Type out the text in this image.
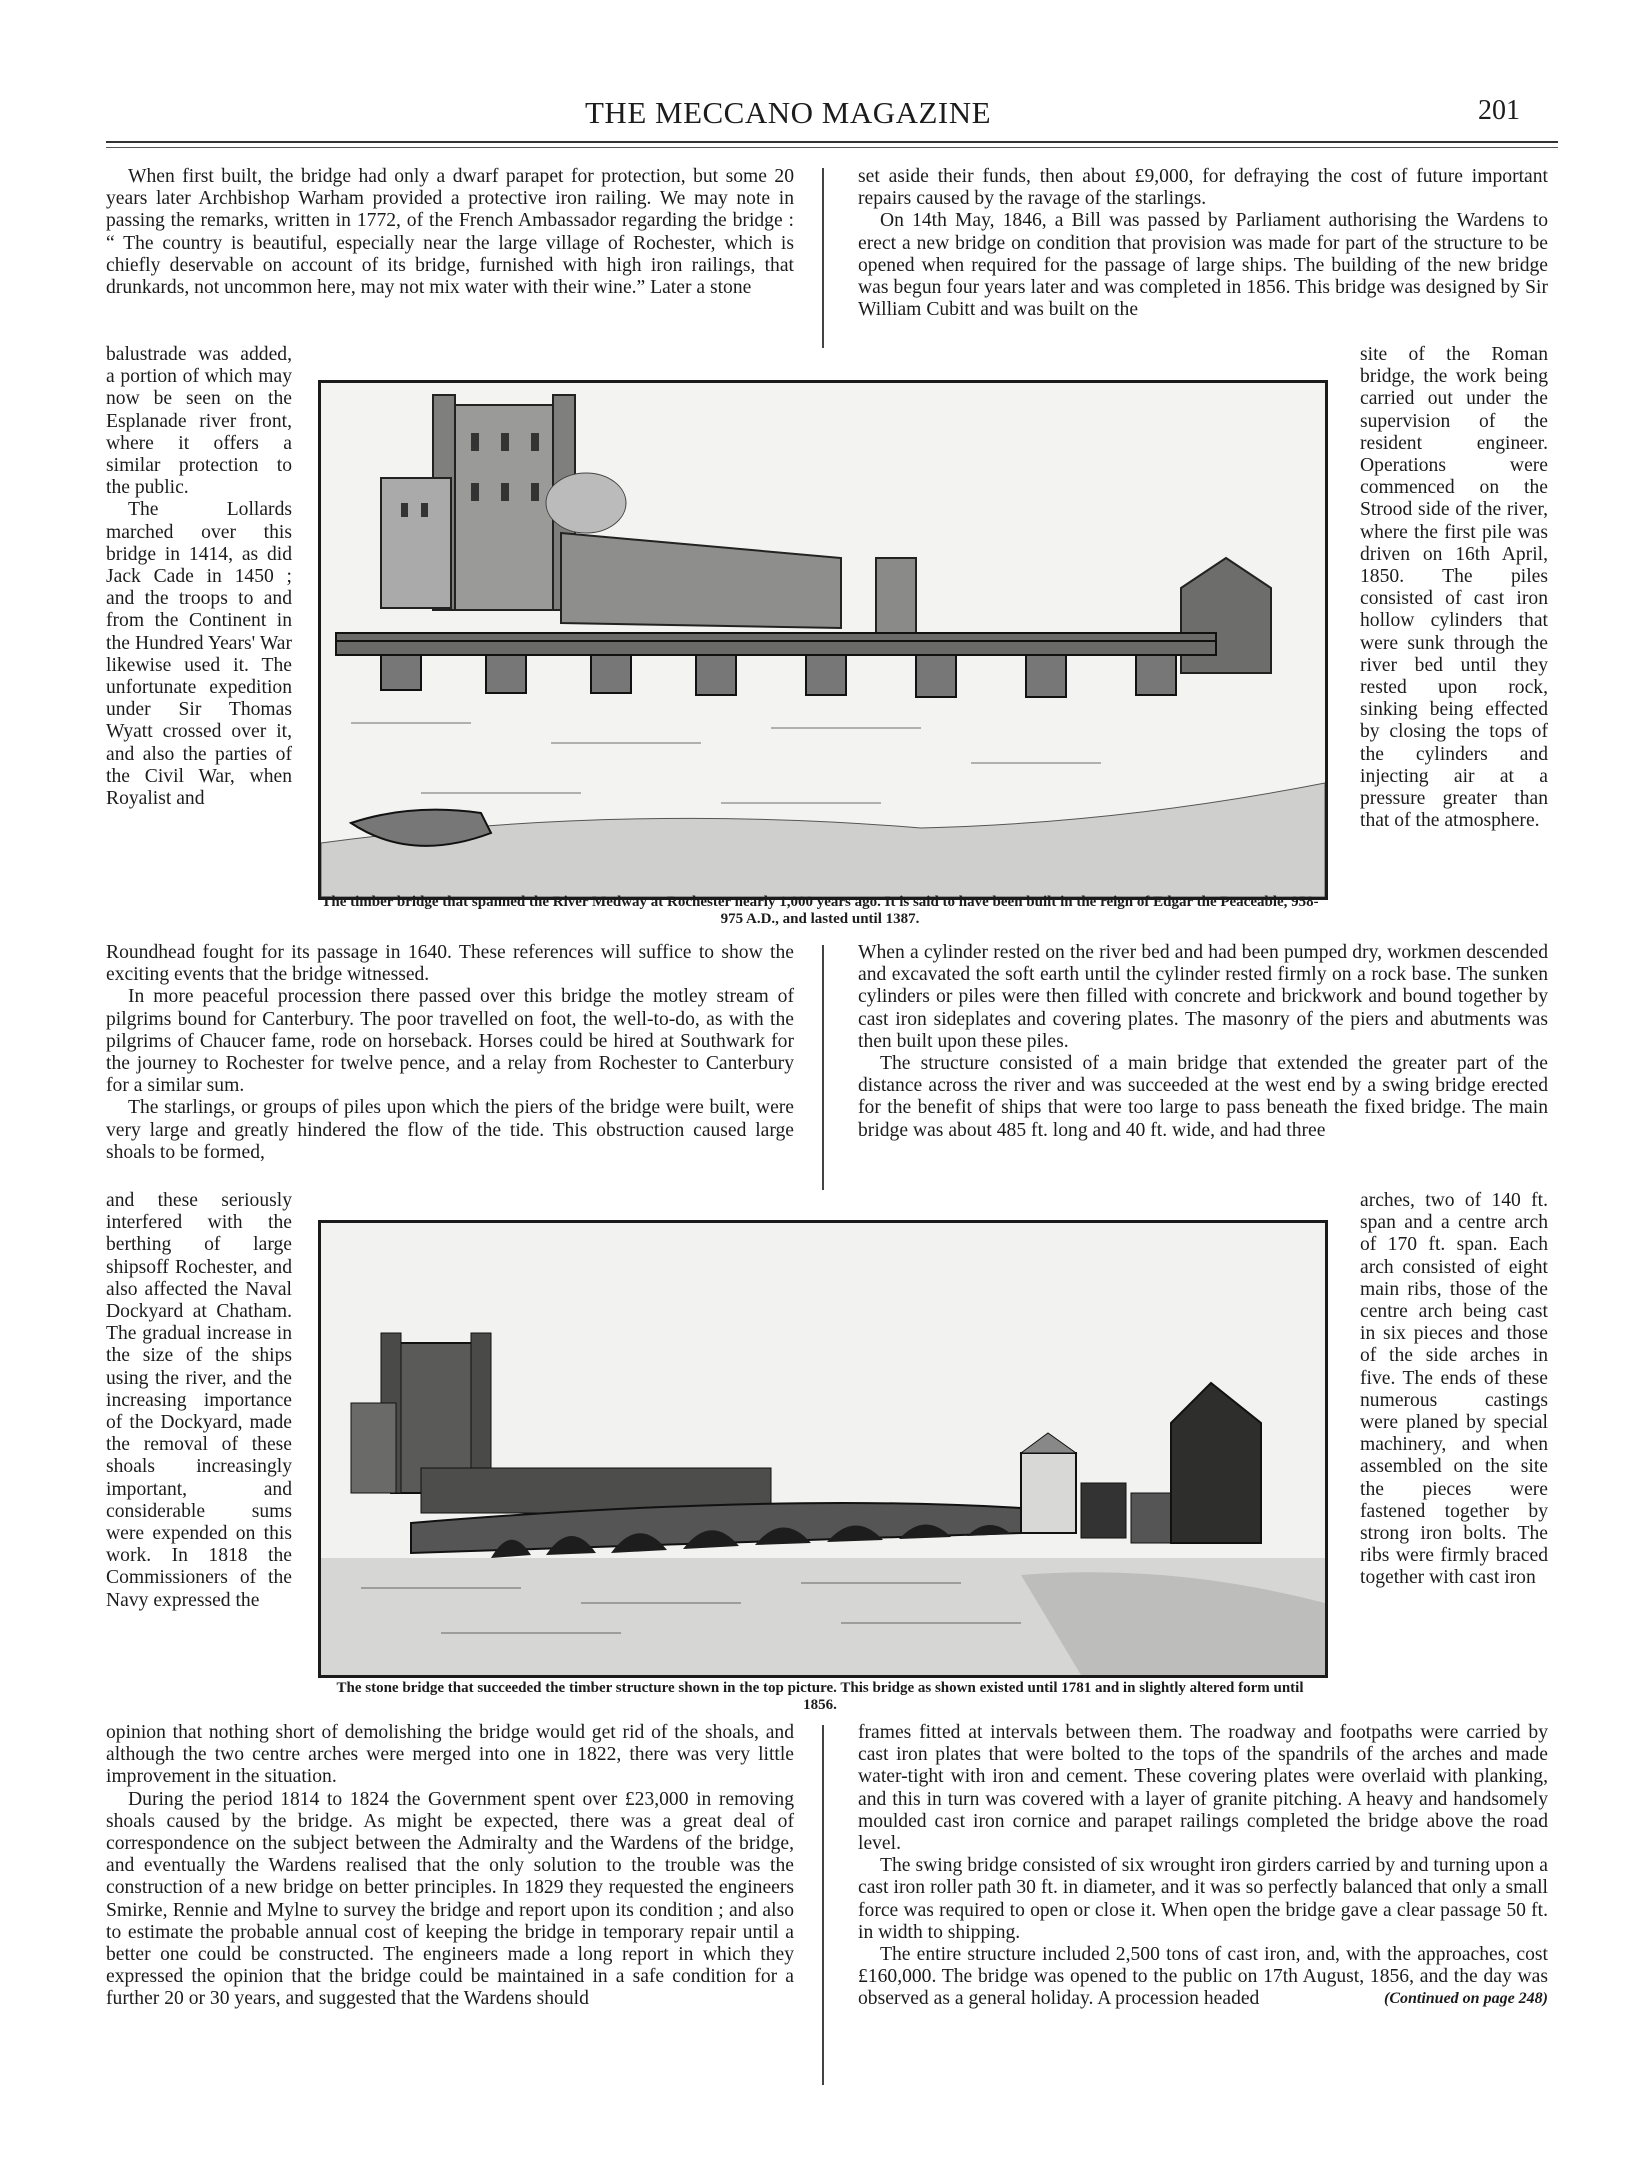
THE MECCANO MAGAZINE	201

When first built, the bridge had only a dwarf parapet for protection, but some 20 years later Archbishop Warham provided a protective iron railing. We may note in passing the remarks, written in 1772, of the French Ambassador regarding the bridge : “ The country is beautiful, especially near the large village of Rochester, which is chiefly deservable on account of its bridge, furnished with high iron railings, that drunkards, not uncommon here, may not mix water with their wine.” Later a stone

balustrade was added, a portion of which may now be seen on the Esplanade river front, where it offers a similar protection to the public.

The Lollards marched over this bridge in 1414, as did Jack Cade in 1450 ; and the troops to and from the Continent in the Hundred Years' War likewise used it. The unfortunate expedition under Sir Thomas Wyatt crossed over it, and also the parties of the Civil War, when Royalist and

Roundhead fought for its passage in 1640. These references will suffice to show the exciting events that the bridge witnessed.

In more peaceful procession there passed over this bridge the motley stream of pilgrims bound for Canterbury. The poor travelled on foot, the well-to-do, as with the pilgrims of Chaucer fame, rode on horseback. Horses could be hired at Southwark for the journey to Rochester for twelve pence, and a relay from Rochester to Canterbury for a similar sum.

The starlings, or groups of piles upon which the piers of the bridge were built, were very large and greatly hindered the flow of the tide. This obstruction caused large shoals to be formed,

and these seriously interfered with the berthing of large shipsoff Rochester, and also affected the Naval Dockyard at Chatham. The gradual increase in the size of the ships using the river, and the increasing importance of the Dockyard, made the removal of these shoals increasingly important, and considerable sums were expended on this work. In 1818 the Commissioners of the Navy expressed the

opinion that nothing short of demolishing the bridge would get rid of the shoals, and although the two centre arches were merged into one in 1822, there was very little improvement in the situation.

During the period 1814 to 1824 the Government spent over £23,000 in removing shoals caused by the bridge. As might be expected, there was a great deal of correspondence on the subject between the Admiralty and the Wardens of the bridge, and eventually the Wardens realised that the only solution to the trouble was the construction of a new bridge on better principles. In 1829 they requested the engineers Smirke, Rennie and Mylne to survey the bridge and report upon its condition ; and also to estimate the probable annual cost of keeping the bridge in temporary repair until a better one could be constructed. The engineers made a long report in which they expressed the opinion that the bridge could be maintained in a safe condition for a further 20 or 30 years, and suggested that the Wardens should

set aside their funds, then about £9,000, for defraying the cost of future important repairs caused by the ravage of the starlings.

On 14th May, 1846, a Bill was passed by Parliament authorising the Wardens to erect a new bridge on condition that provision was made for part of the structure to be opened when required for the passage of large ships. The building of the new bridge was begun four years later and was completed in 1856. This bridge was designed by Sir William Cubitt and was built on the

site of the Roman bridge, the work being carried out under the supervision of the resident engineer. Operations were commenced on the Strood side of the river, where the first pile was driven on 16th April, 1850. The piles consisted of cast iron hollow cylinders that were sunk through the river bed until they rested upon rock, sinking being effected by closing the tops of the cylinders and injecting air at a pressure greater than that of the atmosphere.

When a cylinder rested on the river bed and had been pumped dry, workmen descended and excavated the soft earth until the cylinder rested firmly on a rock base. The sunken cylinders or piles were then filled with concrete and brickwork and bound together by cast iron sideplates and covering plates. The masonry of the piers and abutments was then built upon these piles.

The structure consisted of a main bridge that extended the greater part of the distance across the river and was succeeded at the west end by a swing bridge erected for the benefit of ships that were too large to pass beneath the fixed bridge. The main bridge was about 485 ft. long and 40 ft. wide, and had three

arches, two of 140 ft. span and a centre arch of 170 ft. span. Each arch consisted of eight main ribs, those of the centre arch being cast in six pieces and those of the side arches in five. The ends of these numerous castings were planed by special machinery, and when assembled on the site the pieces were fastened together by strong iron bolts. The ribs were firmly braced together with cast iron

frames fitted at intervals between them. The roadway and footpaths were carried by cast iron plates that were bolted to the tops of the spandrils of the arches and made water-tight with iron and cement. These covering plates were overlaid with planking, and this in turn was covered with a layer of granite pitching. A heavy and handsomely moulded cast iron cornice and parapet railings completed the bridge above the road level.

The swing bridge consisted of six wrought iron girders carried by and turning upon a cast iron roller path 30 ft. in diameter, and it was so perfectly balanced that only a small force was required to open or close it. When open the bridge gave a clear passage 50 ft. in width to shipping.

The entire structure included 2,500 tons of cast iron, and, with the approaches, cost £160,000. The bridge was opened to the public on 17th August, 1856, and the day was observed as a general holiday. A procession headed	(Continued on page 248)

The timber bridge that spanned the River Medway at Rochester nearly 1,000 years ago. It is said to have been built in the reign of Edgar the Peaceable, 958-975 A.D., and lasted until 1387.
The stone bridge that succeeded the timber structure shown in the top picture. This bridge as shown existed until 1781 and in slightly altered form until 1856.
